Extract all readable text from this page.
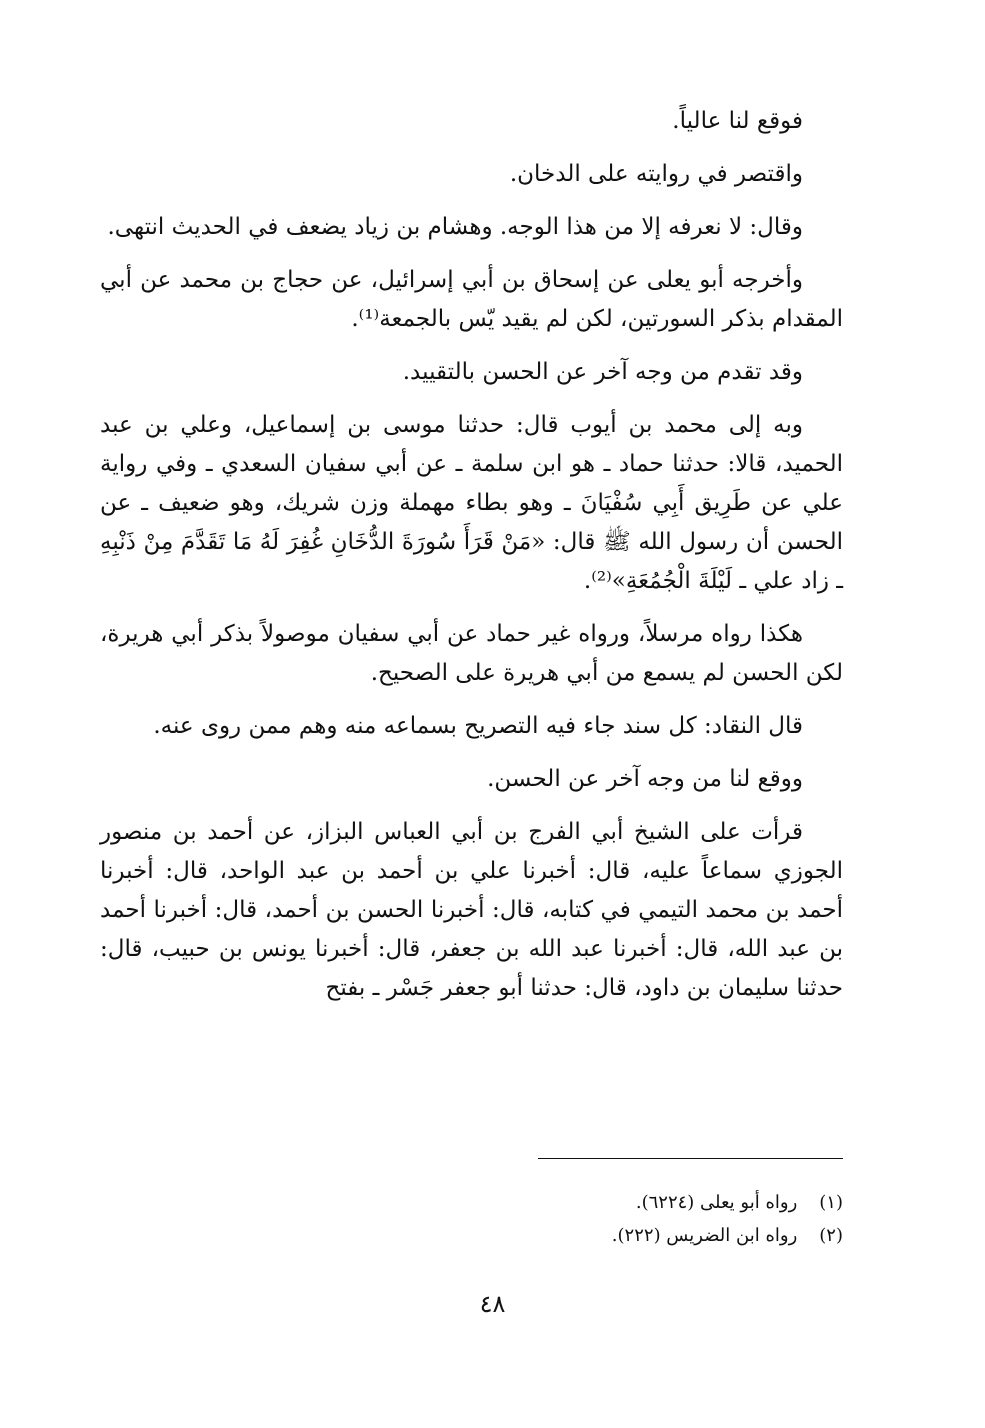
فوقع لنا عالياً.

واقتصر في روايته على الدخان.

وقال: لا نعرفه إلا من هذا الوجه. وهشام بن زياد يضعف في الحديث انتهى.

وأخرجه أبو يعلى عن إسحاق بن أبي إسرائيل، عن حجاج بن محمد عن أبي المقدام بذكر السورتين، لكن لم يقيد يّس بالجمعة⁽¹⁾.

وقد تقدم من وجه آخر عن الحسن بالتقييد.

وبه إلى محمد بن أيوب قال: حدثنا موسى بن إسماعيل، وعلي بن عبد الحميد، قالا: حدثنا حماد ـ هو ابن سلمة ـ عن أبي سفيان السعدي ـ وفي رواية علي عن طَرِيق أَبِي سُفْيَانَ ـ وهو بطاء مهملة وزن شريك، وهو ضعيف ـ عن الحسن أن رسول الله ﷺ قال: «مَنْ قَرَأَ سُورَةَ الدُّخَانِ غُفِرَ لَهُ مَا تَقَدَّمَ مِنْ ذَنْبِهِ ـ زاد علي ـ لَيْلَةَ الْجُمُعَةِ»⁽²⁾.

هكذا رواه مرسلاً، ورواه غير حماد عن أبي سفيان موصولاً بذكر أبي هريرة، لكن الحسن لم يسمع من أبي هريرة على الصحيح.

قال النقاد: كل سند جاء فيه التصريح بسماعه منه وهم ممن روى عنه.

ووقع لنا من وجه آخر عن الحسن.

قرأت على الشيخ أبي الفرج بن أبي العباس البزاز، عن أحمد بن منصور الجوزي سماعاً عليه، قال: أخبرنا علي بن أحمد بن عبد الواحد، قال: أخبرنا أحمد بن محمد التيمي في كتابه، قال: أخبرنا الحسن بن أحمد، قال: أخبرنا أحمد بن عبد الله، قال: أخبرنا عبد الله بن جعفر، قال: أخبرنا يونس بن حبيب، قال: حدثنا سليمان بن داود، قال: حدثنا أبو جعفر جَسْر ـ بفتح

(١) رواه أبو يعلى (٦٢٢٤).
(٢) رواه ابن الضريس (٢٢٢).
٤٨
